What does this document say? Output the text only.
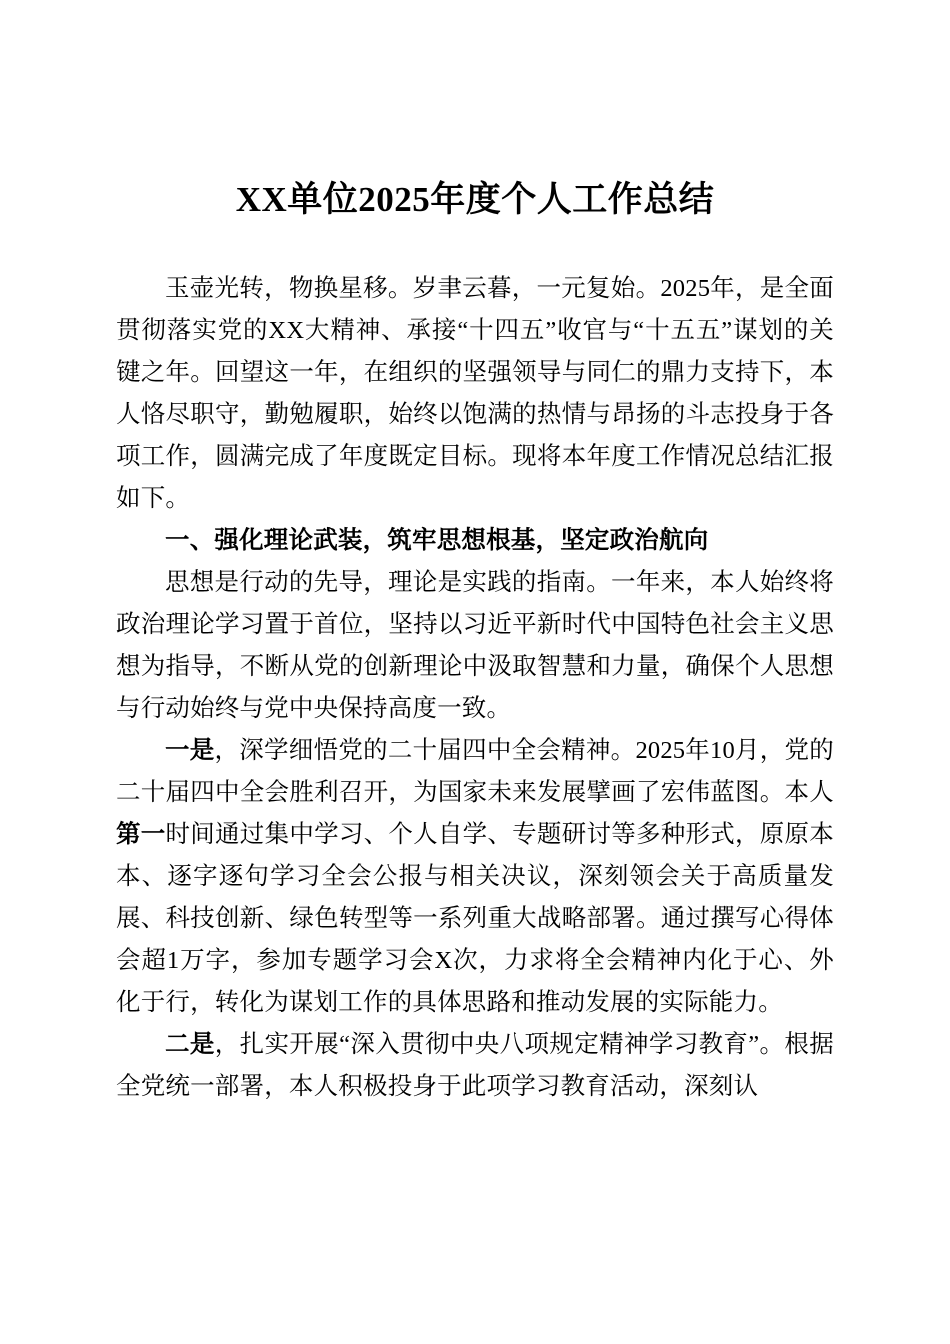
XX单位2025年度个人工作总结

玉壶光转，物换星移。岁聿云暮，一元复始。2025年，是全面贯彻落实党的XX大精神、承接“十四五”收官与“十五五”谋划的关键之年。回望这一年，在组织的坚强领导与同仁的鼎力支持下，本人恪尽职守，勤勉履职，始终以饱满的热情与昂扬的斗志投身于各项工作，圆满完成了年度既定目标。现将本年度工作情况总结汇报如下。

一、强化理论武装，筑牢思想根基，坚定政治航向

思想是行动的先导，理论是实践的指南。一年来，本人始终将政治理论学习置于首位，坚持以习近平新时代中国特色社会主义思想为指导，不断从党的创新理论中汲取智慧和力量，确保个人思想与行动始终与党中央保持高度一致。

一是，深学细悟党的二十届四中全会精神。2025年10月，党的二十届四中全会胜利召开，为国家未来发展擘画了宏伟蓝图。本人第一时间通过集中学习、个人自学、专题研讨等多种形式，原原本本、逐字逐句学习全会公报与相关决议，深刻领会关于高质量发展、科技创新、绿色转型等一系列重大战略部署。通过撰写心得体会超1万字，参加专题学习会X次，力求将全会精神内化于心、外化于行，转化为谋划工作的具体思路和推动发展的实际能力。

二是，扎实开展“深入贯彻中央八项规定精神学习教育”。根据全党统一部署，本人积极投身于此项学习教育活动，深刻认
